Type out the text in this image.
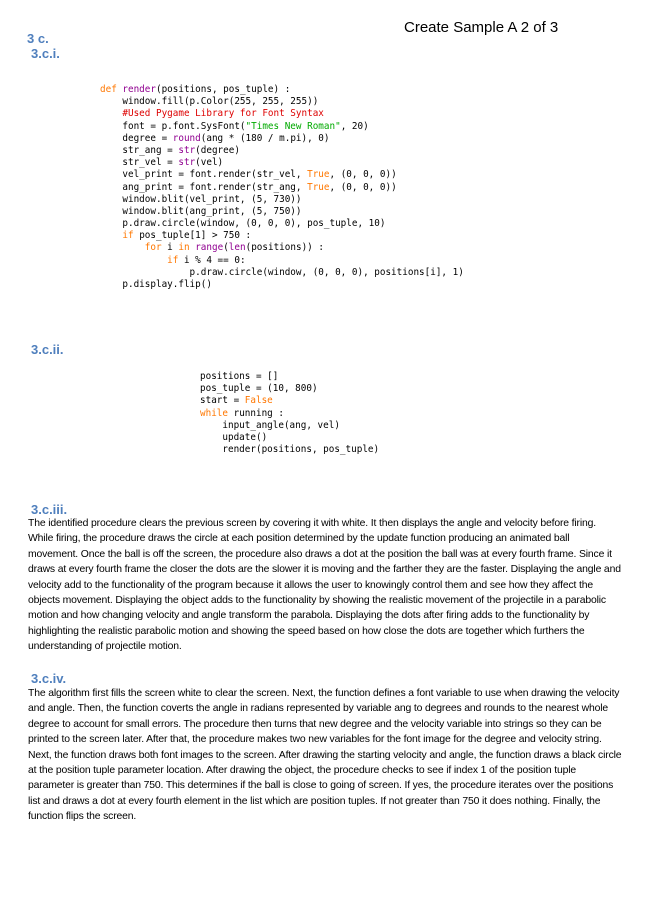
Create Sample A 2 of 3
3 c.
3.c.i.
def render(positions, pos_tuple) :
window.fill(p.Color(255, 255, 255))
#Used Pygame Library for Font Syntax
font = p.font.SysFont("Times New Roman", 20)
degree = round(ang * (180 / m.pi), 0)
str_ang = str(degree)
str_vel = str(vel)
vel_print = font.render(str_vel, True, (0, 0, 0))
ang_print = font.render(str_ang, True, (0, 0, 0))
window.blit(vel_print, (5, 730))
window.blit(ang_print, (5, 750))
p.draw.circle(window, (0, 0, 0), pos_tuple, 10)
if pos_tuple[1] > 750 :
for i in range(len(positions)) :
if i % 4 == 0:
p.draw.circle(window, (0, 0, 0), positions[i], 1)
p.display.flip()
3.c.ii.
positions = []
pos_tuple = (10, 800)
start = False
while running :
input_angle(ang, vel)
update()
render(positions, pos_tuple)
3.c.iii.

The identified procedure clears the previous screen by covering it with white. It then displays the angle and velocity before firing. While firing, the procedure draws the circle at each position determined by the update function producing an animated ball movement. Once the ball is off the screen, the procedure also draws a dot at the position the ball was at every fourth frame. Since it draws at every fourth frame the closer the dots are the slower it is moving and the farther they are the faster. Displaying the angle and velocity add to the functionality of the program because it allows the user to knowingly control them and see how they affect the objects movement. Displaying the object adds to the functionality by showing the realistic movement of the projectile in a parabolic motion and how changing velocity and angle transform the parabola. Displaying the dots after firing adds to the functionality by highlighting the realistic parabolic motion and showing the speed based on how close the dots are together which furthers the understanding of projectile motion.

3.c.iv.

The algorithm first fills the screen white to clear the screen. Next, the function defines a font variable to use when drawing the velocity and angle. Then, the function coverts the angle in radians represented by variable ang to degrees and rounds to the nearest whole degree to account for small errors. The procedure then turns that new degree and the velocity variable into strings so they can be printed to the screen later. After that, the procedure makes two new variables for the font image for the degree and velocity string. Next, the function draws both font images to the screen. After drawing the starting velocity and angle, the function draws a black circle at the position tuple parameter location. After drawing the object, the procedure checks to see if index 1 of the position tuple parameter is greater than 750. This determines if the ball is close to going of screen. If yes, the procedure iterates over the positions list and draws a dot at every fourth element in the list which are position tuples. If not greater than 750 it does nothing. Finally, the function flips the screen.
